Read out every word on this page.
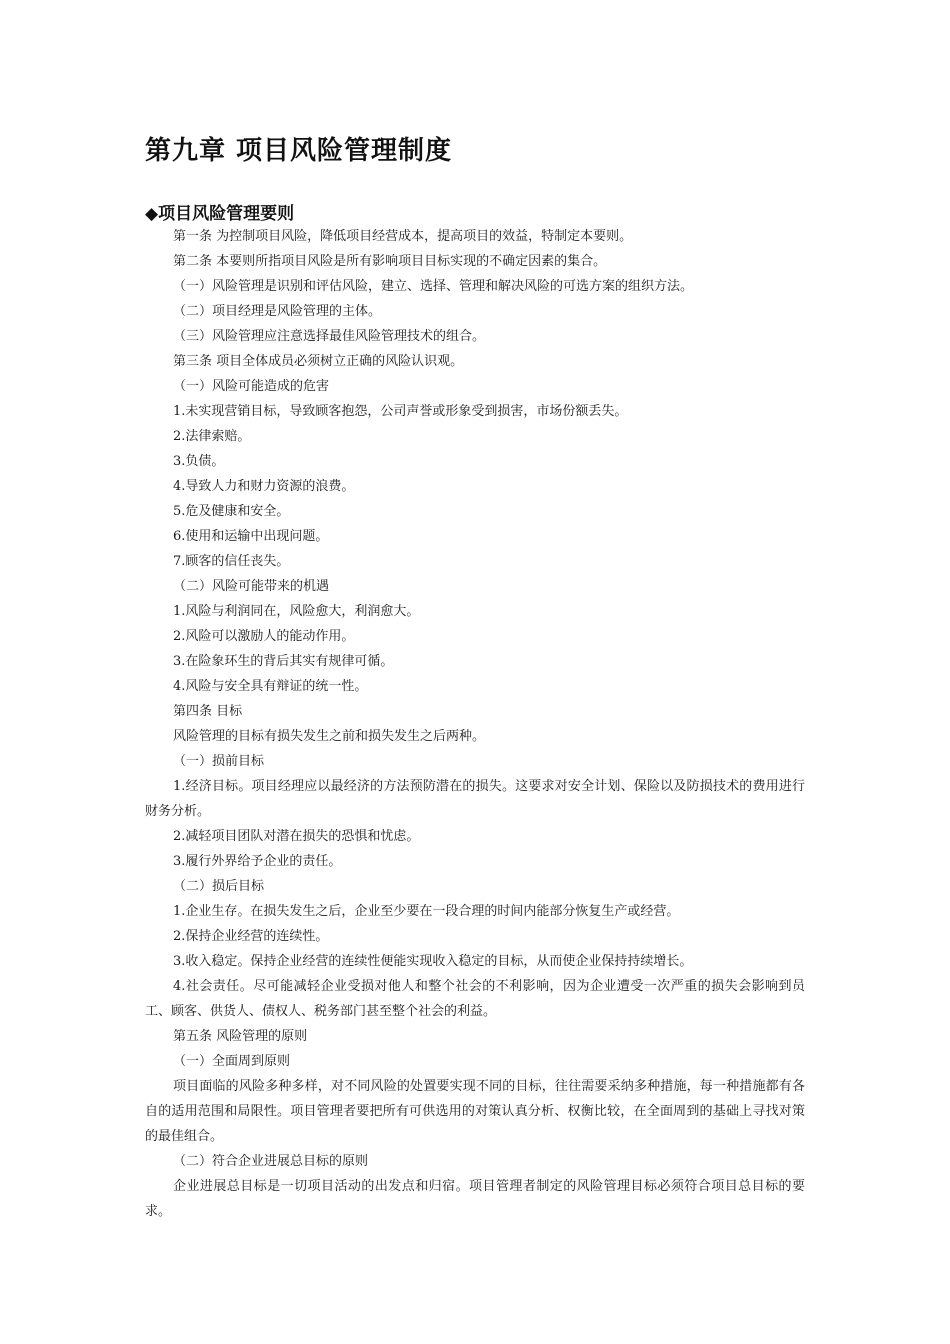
第九章 项目风险管理制度
◆项目风险管理要则

第一条 为控制项目风险，降低项目经营成本，提高项目的效益，特制定本要则。

第二条 本要则所指项目风险是所有影响项目目标实现的不确定因素的集合。

（一）风险管理是识别和评估风险，建立、选择、管理和解决风险的可选方案的组织方法。

（二）项目经理是风险管理的主体。

（三）风险管理应注意选择最佳风险管理技术的组合。

第三条 项目全体成员必须树立正确的风险认识观。

（一）风险可能造成的危害

1.未实现营销目标，导致顾客抱怨，公司声誉或形象受到损害，市场份额丢失。

2.法律索赔。

3.负债。

4.导致人力和财力资源的浪费。

5.危及健康和安全。

6.使用和运输中出现问题。

7.顾客的信任丧失。

（二）风险可能带来的机遇

1.风险与利润同在，风险愈大，利润愈大。

2.风险可以激励人的能动作用。

3.在险象环生的背后其实有规律可循。

4.风险与安全具有辩证的统一性。

第四条 目标

风险管理的目标有损失发生之前和损失发生之后两种。

（一）损前目标

1.经济目标。项目经理应以最经济的方法预防潜在的损失。这要求对安全计划、保险以及防损技术的费用进行财务分析。

2.减轻项目团队对潜在损失的恐惧和忧虑。

3.履行外界给予企业的责任。

（二）损后目标

1.企业生存。在损失发生之后，企业至少要在一段合理的时间内能部分恢复生产或经营。

2.保持企业经营的连续性。

3.收入稳定。保持企业经营的连续性便能实现收入稳定的目标，从而使企业保持持续增长。

4.社会责任。尽可能减轻企业受损对他人和整个社会的不利影响，因为企业遭受一次严重的损失会影响到员工、顾客、供货人、债权人、税务部门甚至整个社会的利益。

第五条 风险管理的原则

（一）全面周到原则

项目面临的风险多种多样，对不同风险的处置要实现不同的目标，往往需要采纳多种措施，每一种措施都有各自的适用范围和局限性。项目管理者要把所有可供选用的对策认真分析、权衡比较，在全面周到的基础上寻找对策的最佳组合。

（二）符合企业进展总目标的原则

企业进展总目标是一切项目活动的出发点和归宿。项目管理者制定的风险管理目标必须符合项目总目标的要求。
